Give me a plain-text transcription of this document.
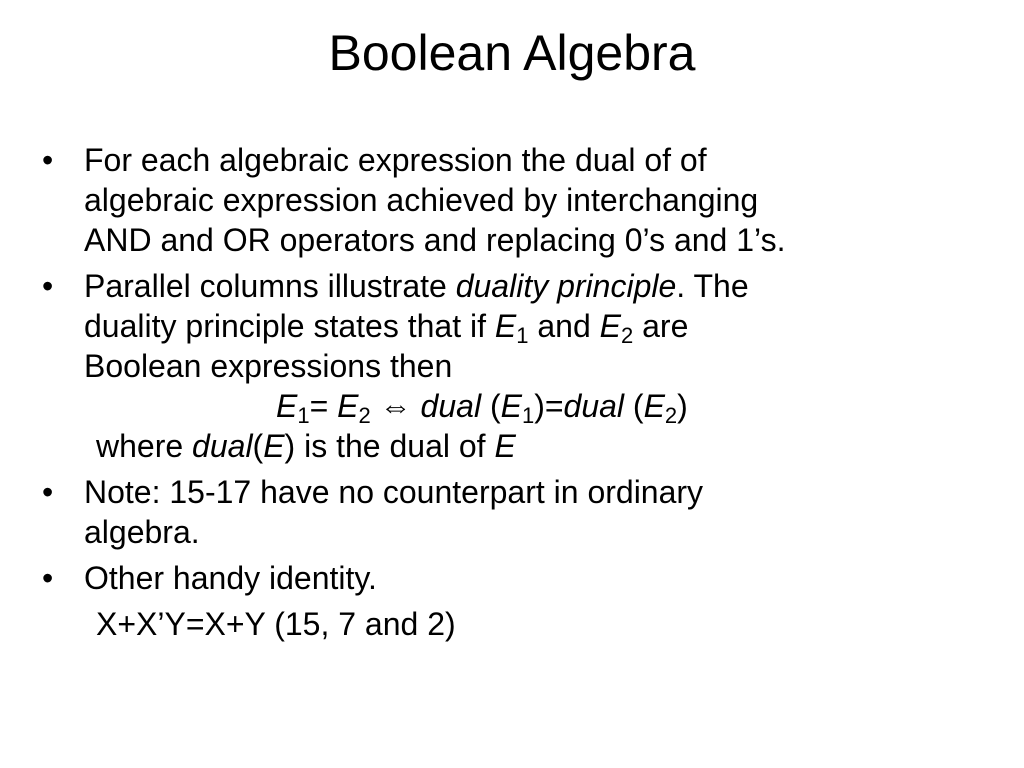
Boolean Algebra
• For each algebraic expression the dual of of
algebraic expression achieved by interchanging
AND and OR operators and replacing 0’s and 1’s.
• Parallel columns illustrate duality principle. The
duality principle states that if $E_1$ and $E_2$ are
Boolean expressions then
$E_1= E_2$ ⇔ dual $(E_1)=dual$ $(E_2)$
where dual(E) is the dual of E
• Note: 15-17 have no counterpart in ordinary
algebra.
• Other handy identity.
X+X’Y=X+Y (15, 7 and 2)
